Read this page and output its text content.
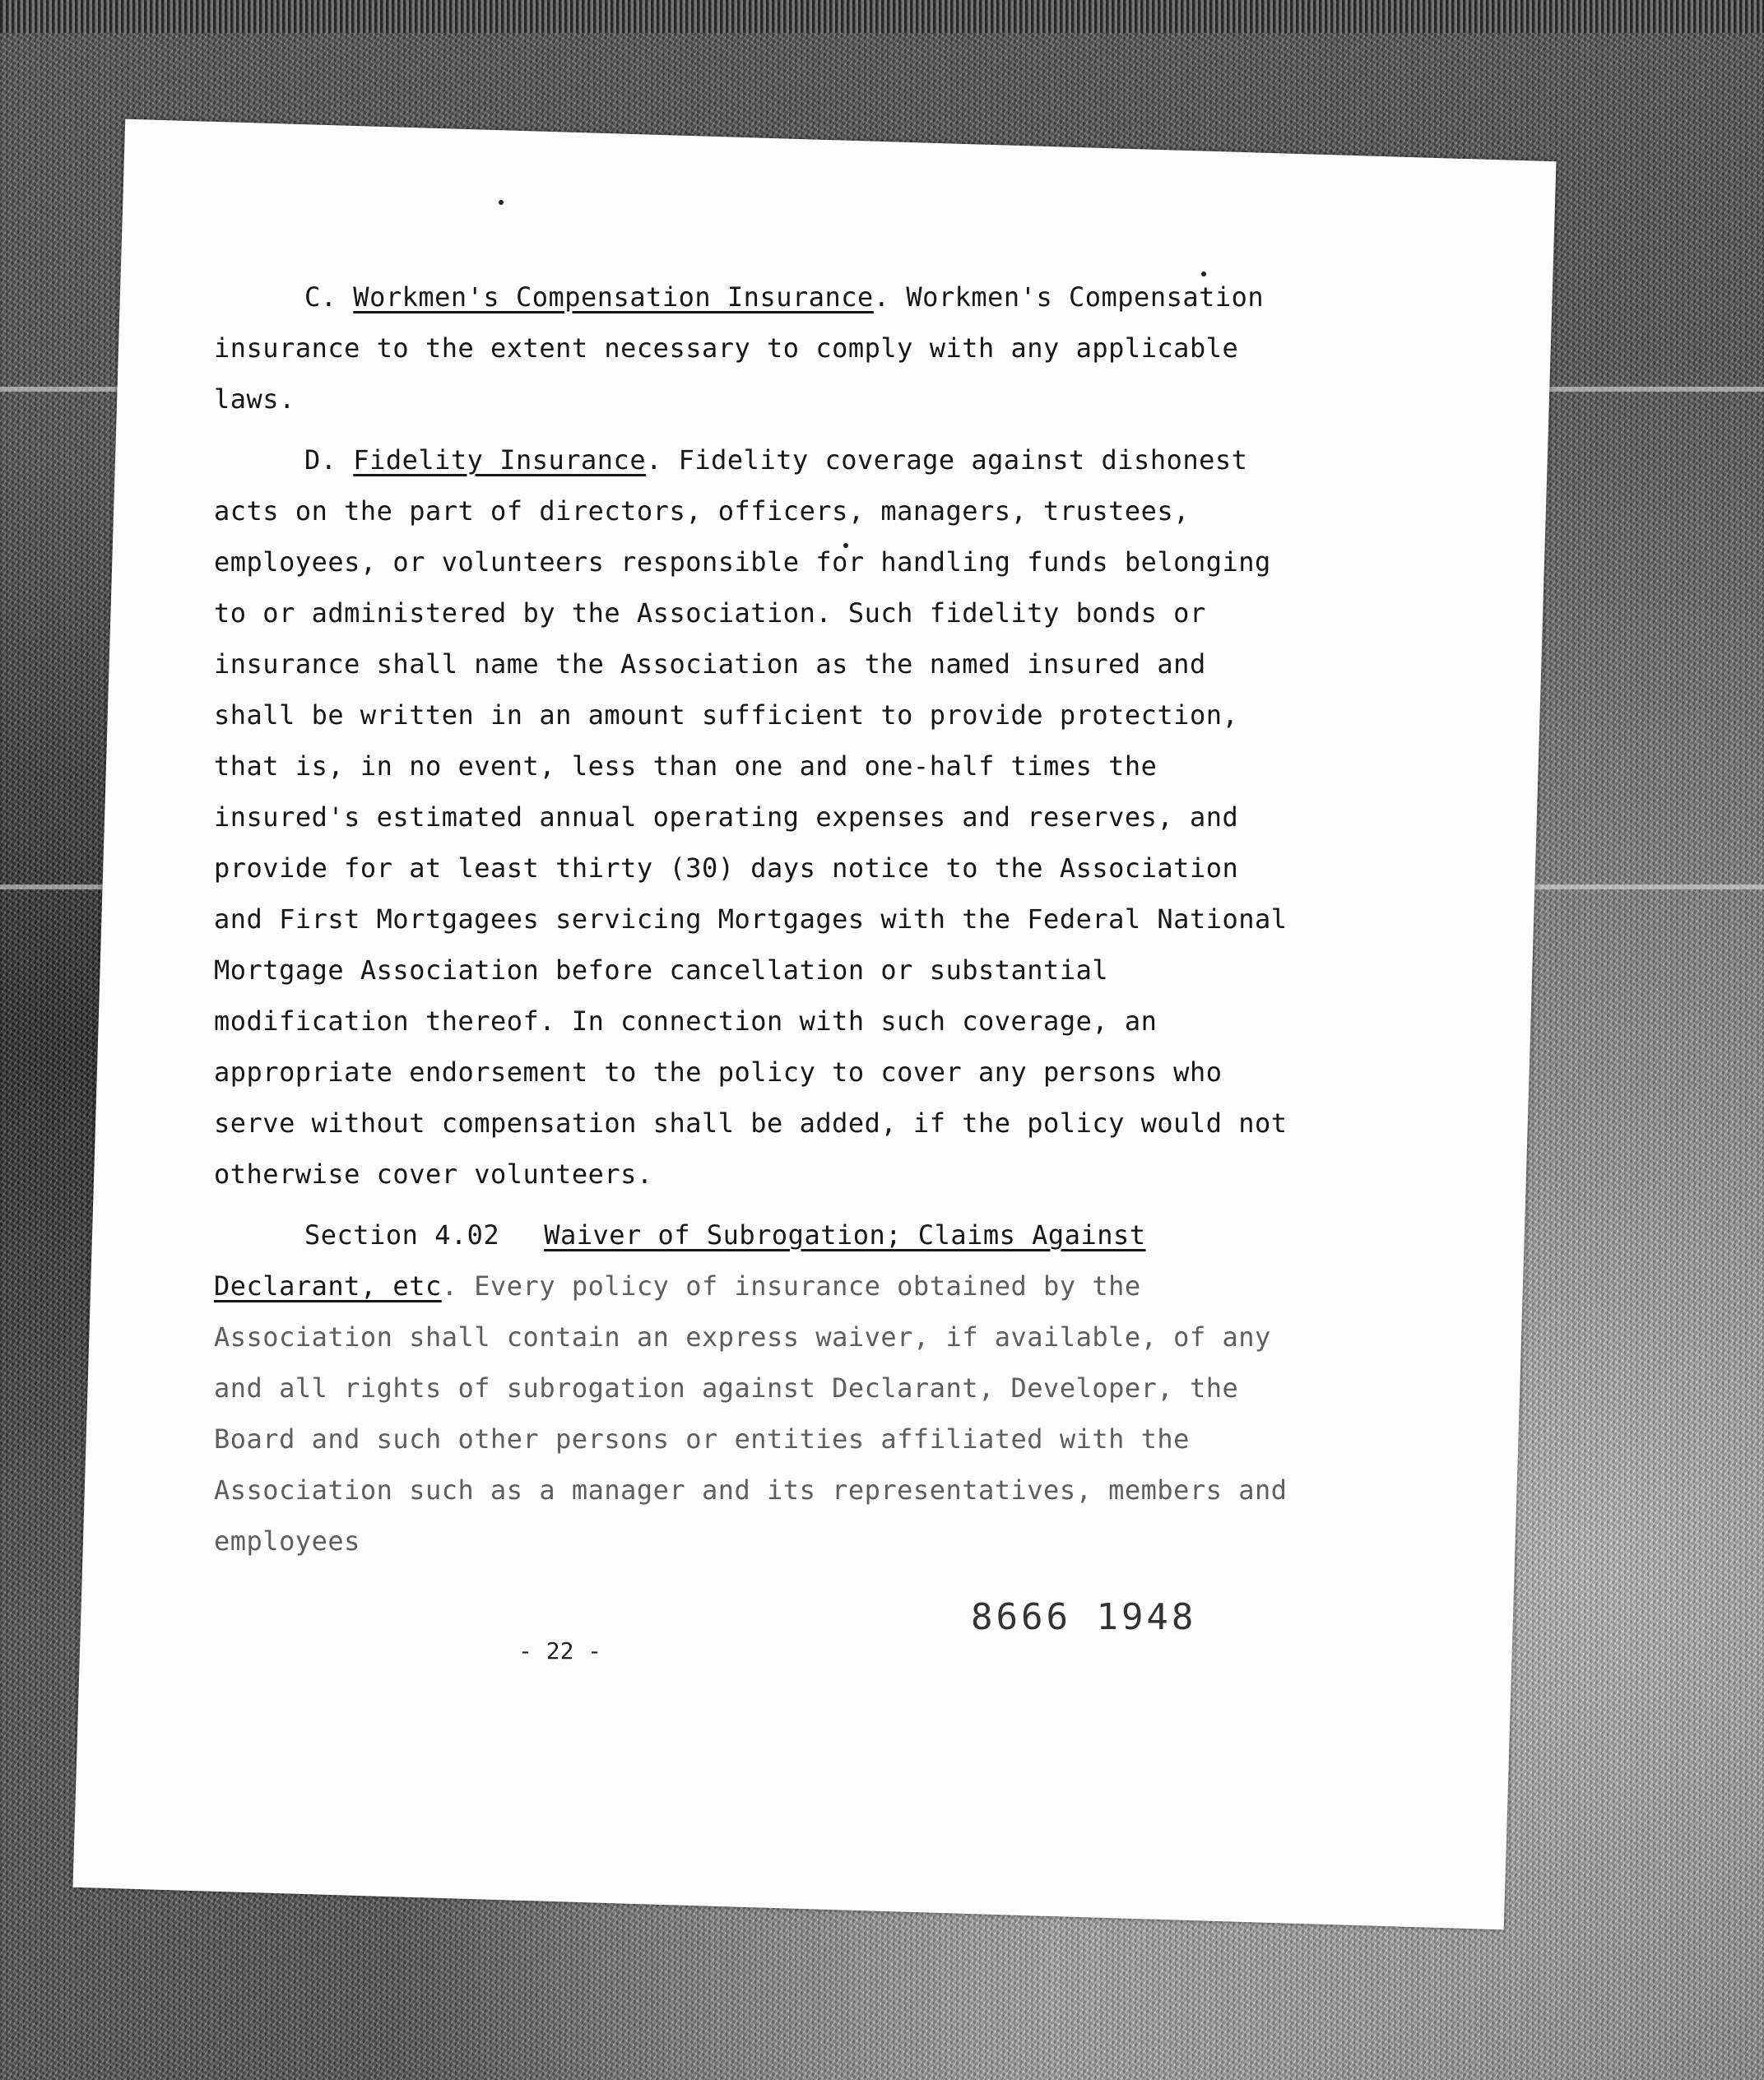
C. Workmen's Compensation Insurance. Workmen's Compensation insurance to the extent necessary to comply with any applicable laws.

D. Fidelity Insurance. Fidelity coverage against dishonest acts on the part of directors, officers, managers, trustees, employees, or volunteers responsible for handling funds belonging to or administered by the Association. Such fidelity bonds or insurance shall name the Association as the named insured and shall be written in an amount sufficient to provide protection, that is, in no event, less than one and one-half times the insured's estimated annual operating expenses and reserves, and provide for at least thirty (30) days notice to the Association and First Mortgagees servicing Mortgages with the Federal National Mortgage Association before cancellation or substantial modification thereof. In connection with such coverage, an appropriate endorsement to the policy to cover any persons who serve without compensation shall be added, if the policy would not otherwise cover volunteers.

Section 4.02 Waiver of Subrogation; Claims Against Declarant, etc. Every policy of insurance obtained by the Association shall contain an express waiver, if available, of any and all rights of subrogation against Declarant, Developer, the Board and such other persons or entities affiliated with the Association such as a manager and its representatives, members and employees

- 22 -
8666 1948
